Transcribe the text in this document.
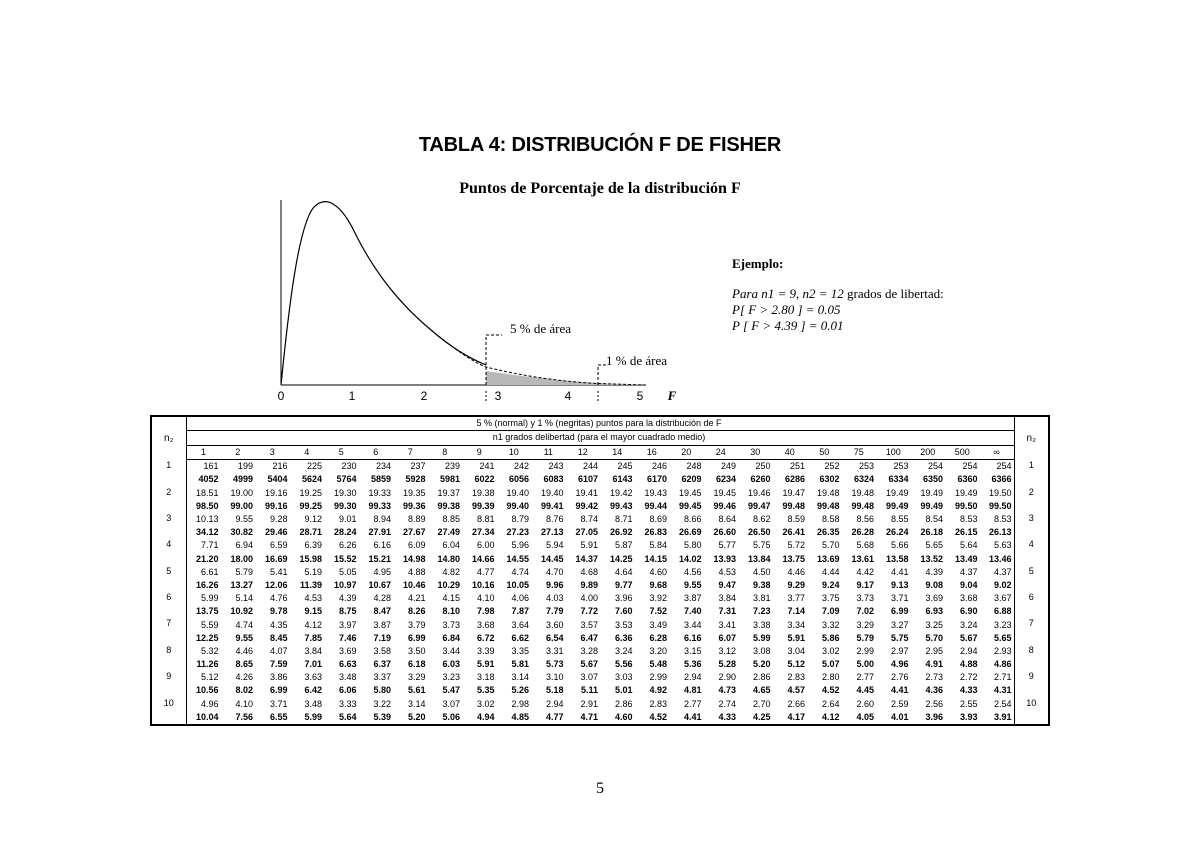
TABLA 4: DISTRIBUCIÓN F DE FISHER
Puntos de Porcentaje de la distribución F
5 % de área
1 % de área
0	1	2	3	4	5 F
Ejemplo:
Para n1 = 9, n2 = 12 grados de libertad:
P[ F > 2.80 ] = 0.05
P [ F > 4.39 ] = 0.01
n₂	5 % (normal) y 1 % (negritas) puntos para la distribución de F																								n₂
	n1 grados delibertad (para el mayor cuadrado medio)																								
	1	2	3	4	5	6	7	8	9	10	11	12	14	16	20	24	30	40	50	75	100	200	500	∞	
1	161	199	216	225	230	234	237	239	241	242	243	244	245	246	248	249	250	251	252	253	253	254	254	254	1
	4052	4999	5404	5624	5764	5859	5928	5981	6022	6056	6083	6107	6143	6170	6209	6234	6260	6286	6302	6324	6334	6350	6360	6366	
2	18.51	19.00	19.16	19.25	19.30	19.33	19.35	19.37	19.38	19.40	19.40	19.41	19.42	19.43	19.45	19.45	19.46	19.47	19.48	19.48	19.49	19.49	19.49	19.50	2
	98.50	99.00	99.16	99.25	99.30	99.33	99.36	99.38	99.39	99.40	99.41	99.42	99.43	99.44	99.45	99.46	99.47	99.48	99.48	99.48	99.49	99.49	99.50	99.50	
3	10.13	9.55	9.28	9.12	9.01	8.94	8.89	8.85	8.81	8.79	8.76	8.74	8.71	8.69	8.66	8.64	8.62	8.59	8.58	8.56	8.55	8.54	8.53	8.53	3
	34.12	30.82	29.46	28.71	28.24	27.91	27.67	27.49	27.34	27.23	27.13	27.05	26.92	26.83	26.69	26.60	26.50	26.41	26.35	26.28	26.24	26.18	26.15	26.13	
4	7.71	6.94	6.59	6.39	6.26	6.16	6.09	6.04	6.00	5.96	5.94	5.91	5.87	5.84	5.80	5.77	5.75	5.72	5.70	5.68	5.66	5.65	5.64	5.63	4
	21.20	18.00	16.69	15.98	15.52	15.21	14.98	14.80	14.66	14.55	14.45	14.37	14.25	14.15	14.02	13.93	13.84	13.75	13.69	13.61	13.58	13.52	13.49	13.46	
5	6.61	5.79	5.41	5.19	5.05	4.95	4.88	4.82	4.77	4.74	4.70	4.68	4.64	4.60	4.56	4.53	4.50	4.46	4.44	4.42	4.41	4.39	4.37	4.37	5
	16.26	13.27	12.06	11.39	10.97	10.67	10.46	10.29	10.16	10.05	9.96	9.89	9.77	9.68	9.55	9.47	9.38	9.29	9.24	9.17	9.13	9.08	9.04	9.02	
6	5.99	5.14	4.76	4.53	4.39	4.28	4.21	4.15	4.10	4.06	4.03	4.00	3.96	3.92	3.87	3.84	3.81	3.77	3.75	3.73	3.71	3.69	3.68	3.67	6
	13.75	10.92	9.78	9.15	8.75	8.47	8.26	8.10	7.98	7.87	7.79	7.72	7.60	7.52	7.40	7.31	7.23	7.14	7.09	7.02	6.99	6.93	6.90	6.88	
7	5.59	4.74	4.35	4.12	3.97	3.87	3.79	3.73	3.68	3.64	3.60	3.57	3.53	3.49	3.44	3.41	3.38	3.34	3.32	3.29	3.27	3.25	3.24	3.23	7
	12.25	9.55	8.45	7.85	7.46	7.19	6.99	6.84	6.72	6.62	6.54	6.47	6.36	6.28	6.16	6.07	5.99	5.91	5.86	5.79	5.75	5.70	5.67	5.65	
8	5.32	4.46	4.07	3.84	3.69	3.58	3.50	3.44	3.39	3.35	3.31	3.28	3.24	3.20	3.15	3.12	3.08	3.04	3.02	2.99	2.97	2.95	2.94	2.93	8
	11.26	8.65	7.59	7.01	6.63	6.37	6.18	6.03	5.91	5.81	5.73	5.67	5.56	5.48	5.36	5.28	5.20	5.12	5.07	5.00	4.96	4.91	4.88	4.86	
9	5.12	4.26	3.86	3.63	3.48	3.37	3.29	3.23	3.18	3.14	3.10	3.07	3.03	2.99	2.94	2.90	2.86	2.83	2.80	2.77	2.76	2.73	2.72	2.71	9
	10.56	8.02	6.99	6.42	6.06	5.80	5.61	5.47	5.35	5.26	5.18	5.11	5.01	4.92	4.81	4.73	4.65	4.57	4.52	4.45	4.41	4.36	4.33	4.31	
10	4.96	4.10	3.71	3.48	3.33	3.22	3.14	3.07	3.02	2.98	2.94	2.91	2.86	2.83	2.77	2.74	2.70	2.66	2.64	2.60	2.59	2.56	2.55	2.54	10
	10.04	7.56	6.55	5.99	5.64	5.39	5.20	5.06	4.94	4.85	4.77	4.71	4.60	4.52	4.41	4.33	4.25	4.17	4.12	4.05	4.01	3.96	3.93	3.91	
5
